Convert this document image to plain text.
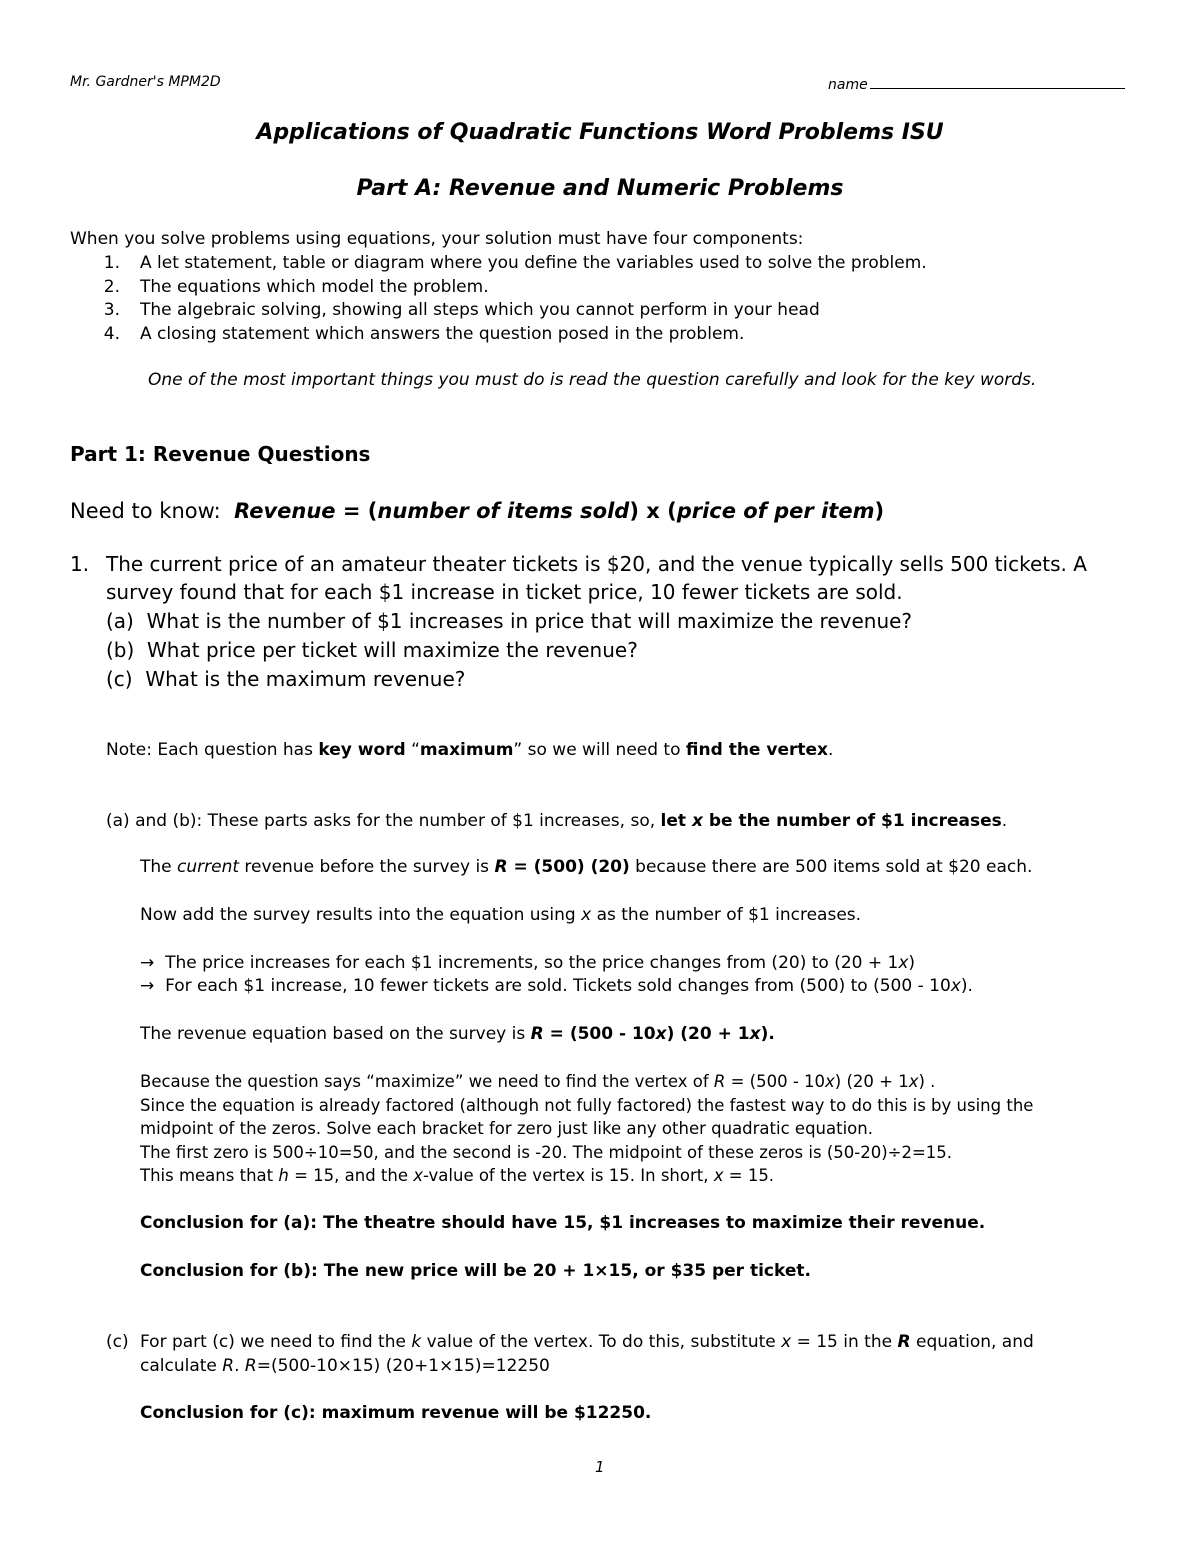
Mr. Gardner's MPM2D	name
Applications of Quadratic Functions Word Problems ISU
Part A: Revenue and Numeric Problems
When you solve problems using equations, your solution must have four components:
1. A let statement, table or diagram where you define the variables used to solve the problem.
2. The equations which model the problem.
3. The algebraic solving, showing all steps which you cannot perform in your head
4. A closing statement which answers the question posed in the problem.
One of the most important things you must do is read the question carefully and look for the key words.
Part 1: Revenue Questions
Need to know: Revenue = (number of items sold) x (price of per item)
1. The current price of an amateur theater tickets is $20, and the venue typically sells 500 tickets. A
survey found that for each $1 increase in ticket price, 10 fewer tickets are sold.
(a) What is the number of $1 increases in price that will maximize the revenue?
(b) What price per ticket will maximize the revenue?
(c) What is the maximum revenue?
Note: Each question has key word “maximum” so we will need to find the vertex.
(a) and (b): These parts asks for the number of $1 increases, so, let x be the number of $1 increases.
The current revenue before the survey is R = (500) (20) because there are 500 items sold at $20 each.
Now add the survey results into the equation using x as the number of $1 increases.
→ The price increases for each $1 increments, so the price changes from (20) to (20 + 1x)
→ For each $1 increase, 10 fewer tickets are sold. Tickets sold changes from (500) to (500 - 10x).
The revenue equation based on the survey is R = (500 - 10x) (20 + 1x).
Because the question says “maximize” we need to find the vertex of R = (500 - 10x) (20 + 1x) .
Since the equation is already factored (although not fully factored) the fastest way to do this is by using the
midpoint of the zeros. Solve each bracket for zero just like any other quadratic equation.
The first zero is 500÷10=50, and the second is -20. The midpoint of these zeros is (50-20)÷2=15.
This means that h = 15, and the x-value of the vertex is 15. In short, x = 15.
Conclusion for (a): The theatre should have 15, $1 increases to maximize their revenue.
Conclusion for (b): The new price will be 20 + 1×15, or $35 per ticket.
(c) For part (c) we need to find the k value of the vertex. To do this, substitute x = 15 in the R equation, and
calculate R. R=(500-10×15) (20+1×15)=12250
Conclusion for (c): maximum revenue will be $12250.
1
